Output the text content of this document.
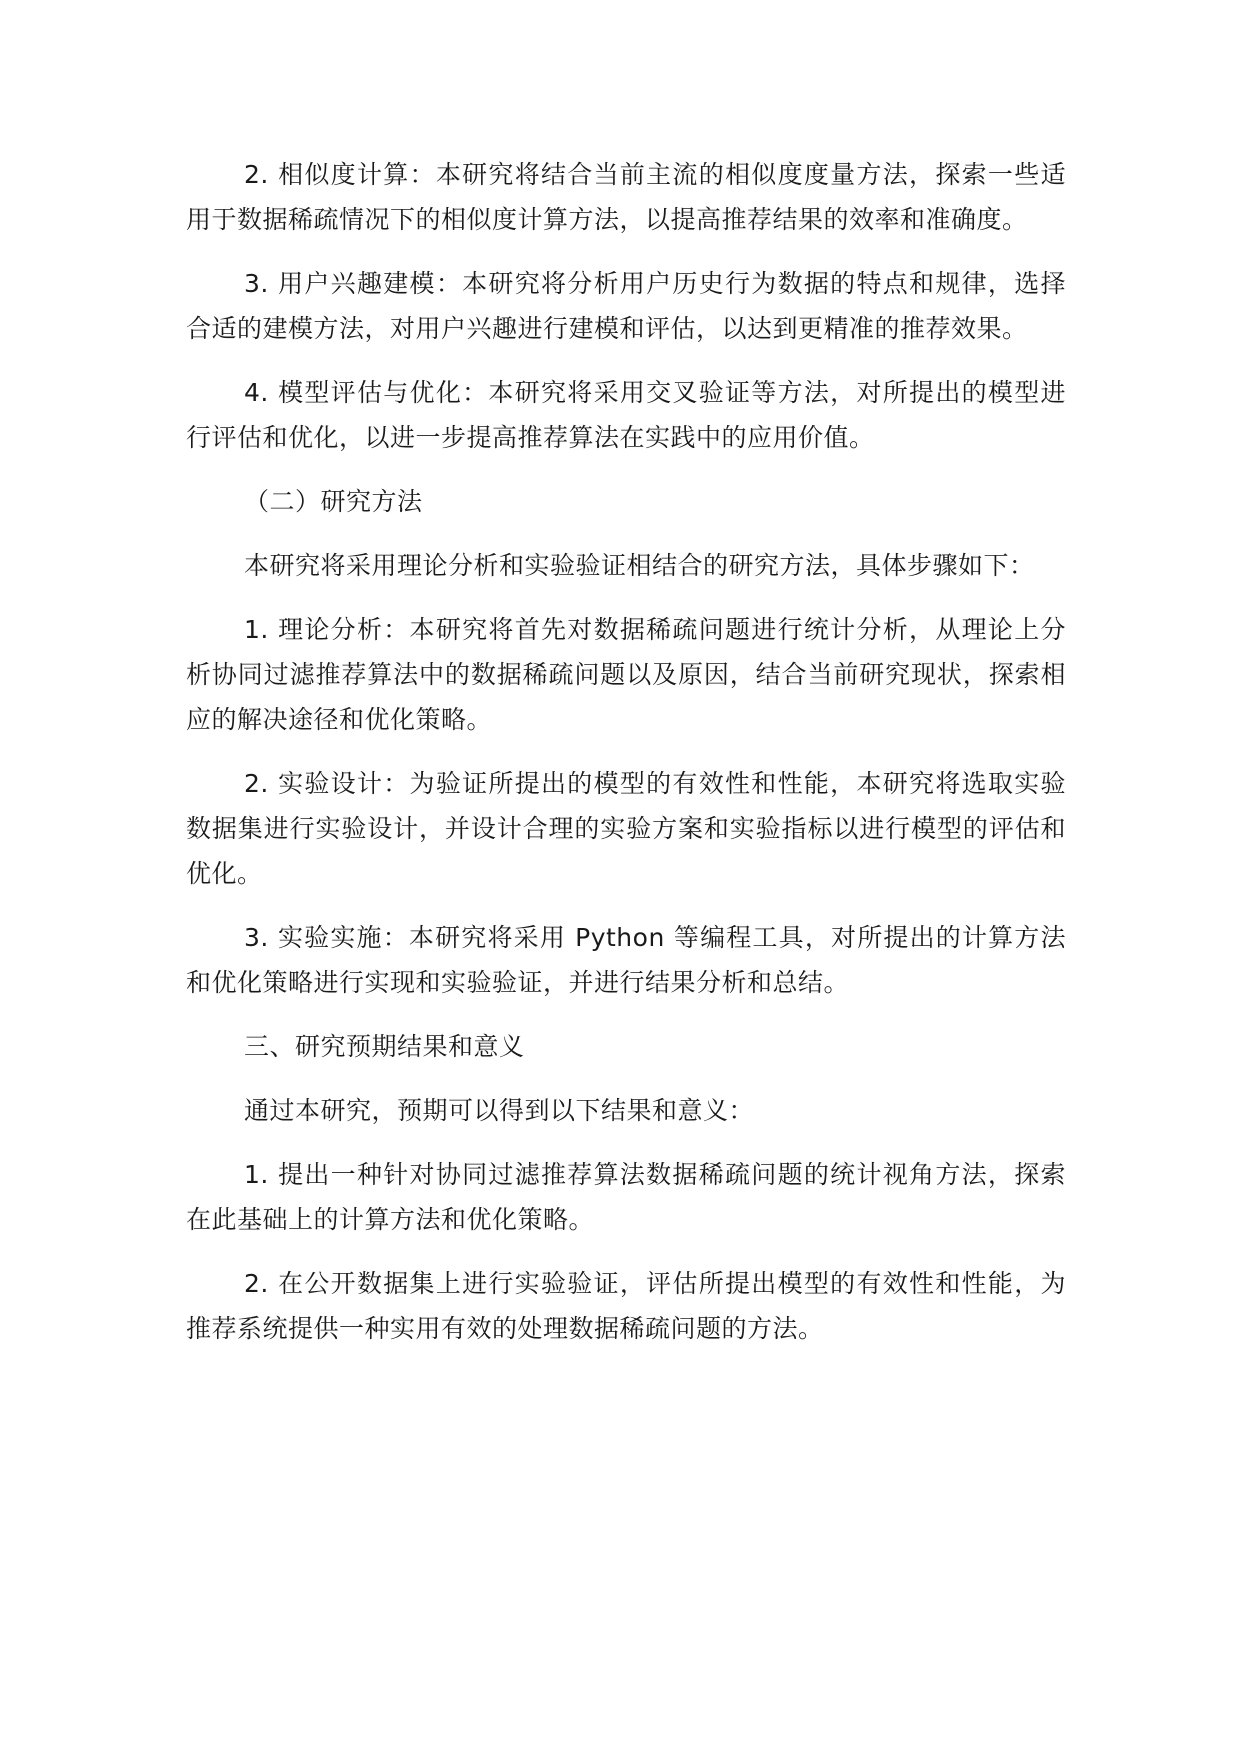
2. 相似度计算：本研究将结合当前主流的相似度度量方法，探索一些适用于数据稀疏情况下的相似度计算方法，以提高推荐结果的效率和准确度。

3. 用户兴趣建模：本研究将分析用户历史行为数据的特点和规律，选择合适的建模方法，对用户兴趣进行建模和评估，以达到更精准的推荐效果。

4. 模型评估与优化：本研究将采用交叉验证等方法，对所提出的模型进行评估和优化，以进一步提高推荐算法在实践中的应用价值。

（二）研究方法

本研究将采用理论分析和实验验证相结合的研究方法，具体步骤如下：

1. 理论分析：本研究将首先对数据稀疏问题进行统计分析，从理论上分析协同过滤推荐算法中的数据稀疏问题以及原因，结合当前研究现状，探索相应的解决途径和优化策略。

2. 实验设计：为验证所提出的模型的有效性和性能，本研究将选取实验数据集进行实验设计，并设计合理的实验方案和实验指标以进行模型的评估和优化。

3. 实验实施：本研究将采用 Python 等编程工具，对所提出的计算方法和优化策略进行实现和实验验证，并进行结果分析和总结。

三、研究预期结果和意义

通过本研究，预期可以得到以下结果和意义：

1. 提出一种针对协同过滤推荐算法数据稀疏问题的统计视角方法，探索在此基础上的计算方法和优化策略。

2. 在公开数据集上进行实验验证，评估所提出模型的有效性和性能，为推荐系统提供一种实用有效的处理数据稀疏问题的方法。
